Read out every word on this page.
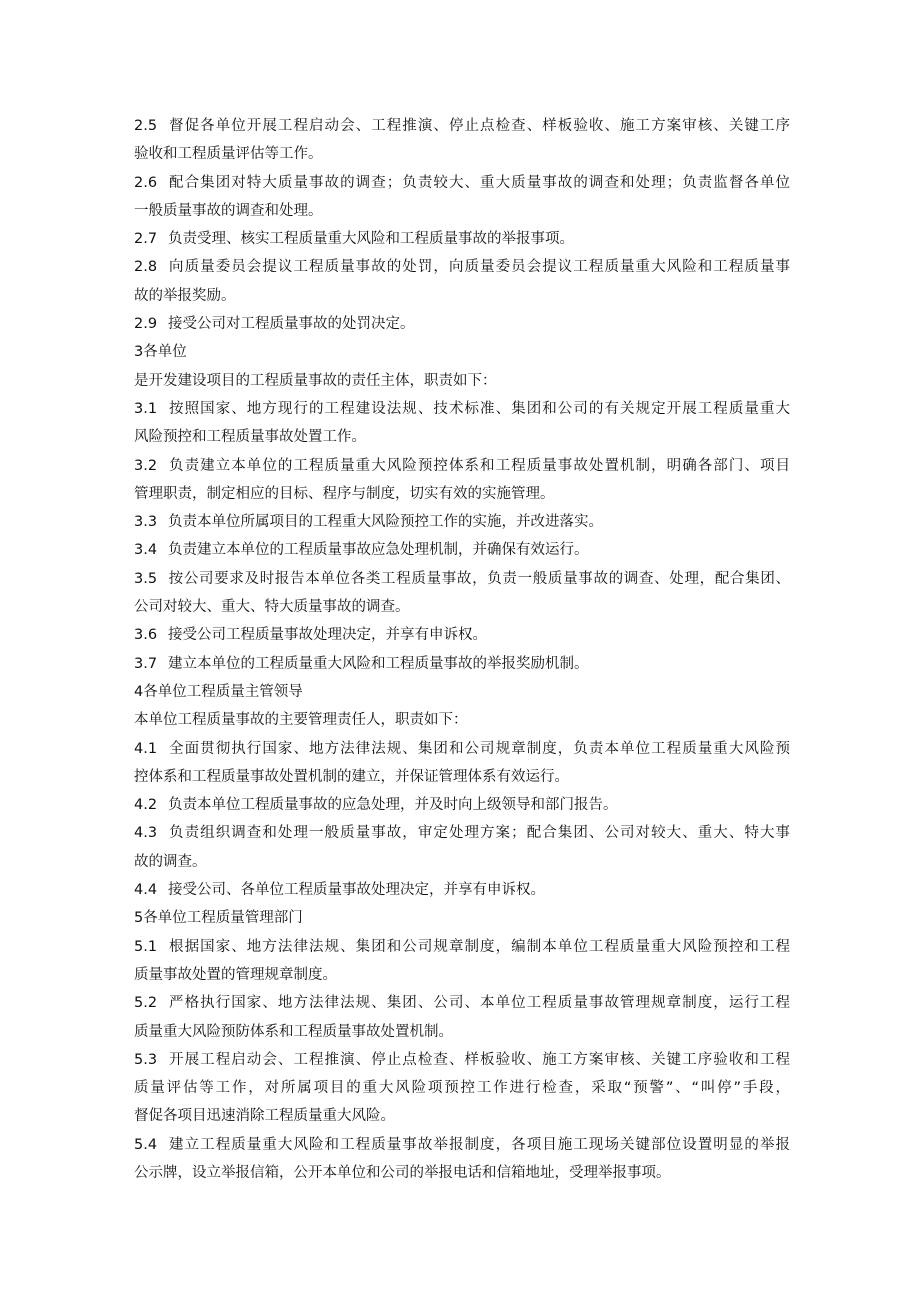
2.5 督促各单位开展工程启动会、工程推演、停止点检查、样板验收、施工方案审核、关键工序
验收和工程质量评估等工作。
2.6 配合集团对特大质量事故的调查；负责较大、重大质量事故的调查和处理；负责监督各单位
一般质量事故的调查和处理。
2.7 负责受理、核实工程质量重大风险和工程质量事故的举报事项。
2.8 向质量委员会提议工程质量事故的处罚，向质量委员会提议工程质量重大风险和工程质量事
故的举报奖励。
2.9 接受公司对工程质量事故的处罚决定。
3各单位
是开发建设项目的工程质量事故的责任主体，职责如下：
3.1 按照国家、地方现行的工程建设法规、技术标准、集团和公司的有关规定开展工程质量重大
风险预控和工程质量事故处置工作。
3.2 负责建立本单位的工程质量重大风险预控体系和工程质量事故处置机制，明确各部门、项目
管理职责，制定相应的目标、程序与制度，切实有效的实施管理。
3.3 负责本单位所属项目的工程重大风险预控工作的实施，并改进落实。
3.4 负责建立本单位的工程质量事故应急处理机制，并确保有效运行。
3.5 按公司要求及时报告本单位各类工程质量事故，负责一般质量事故的调查、处理，配合集团、
公司对较大、重大、特大质量事故的调查。
3.6 接受公司工程质量事故处理决定，并享有申诉权。
3.7 建立本单位的工程质量重大风险和工程质量事故的举报奖励机制。
4各单位工程质量主管领导
本单位工程质量事故的主要管理责任人，职责如下：
4.1 全面贯彻执行国家、地方法律法规、集团和公司规章制度，负责本单位工程质量重大风险预
控体系和工程质量事故处置机制的建立，并保证管理体系有效运行。
4.2 负责本单位工程质量事故的应急处理，并及时向上级领导和部门报告。
4.3 负责组织调查和处理一般质量事故，审定处理方案；配合集团、公司对较大、重大、特大事
故的调查。
4.4 接受公司、各单位工程质量事故处理决定，并享有申诉权。
5各单位工程质量管理部门
5.1 根据国家、地方法律法规、集团和公司规章制度，编制本单位工程质量重大风险预控和工程
质量事故处置的管理规章制度。
5.2 严格执行国家、地方法律法规、集团、公司、本单位工程质量事故管理规章制度，运行工程
质量重大风险预防体系和工程质量事故处置机制。
5.3 开展工程启动会、工程推演、停止点检查、样板验收、施工方案审核、关键工序验收和工程
质量评估等工作，对所属项目的重大风险项预控工作进行检查，采取“预警”、“叫停”手段，
督促各项目迅速消除工程质量重大风险。
5.4 建立工程质量重大风险和工程质量事故举报制度，各项目施工现场关键部位设置明显的举报
公示牌，设立举报信箱，公开本单位和公司的举报电话和信箱地址，受理举报事项。
